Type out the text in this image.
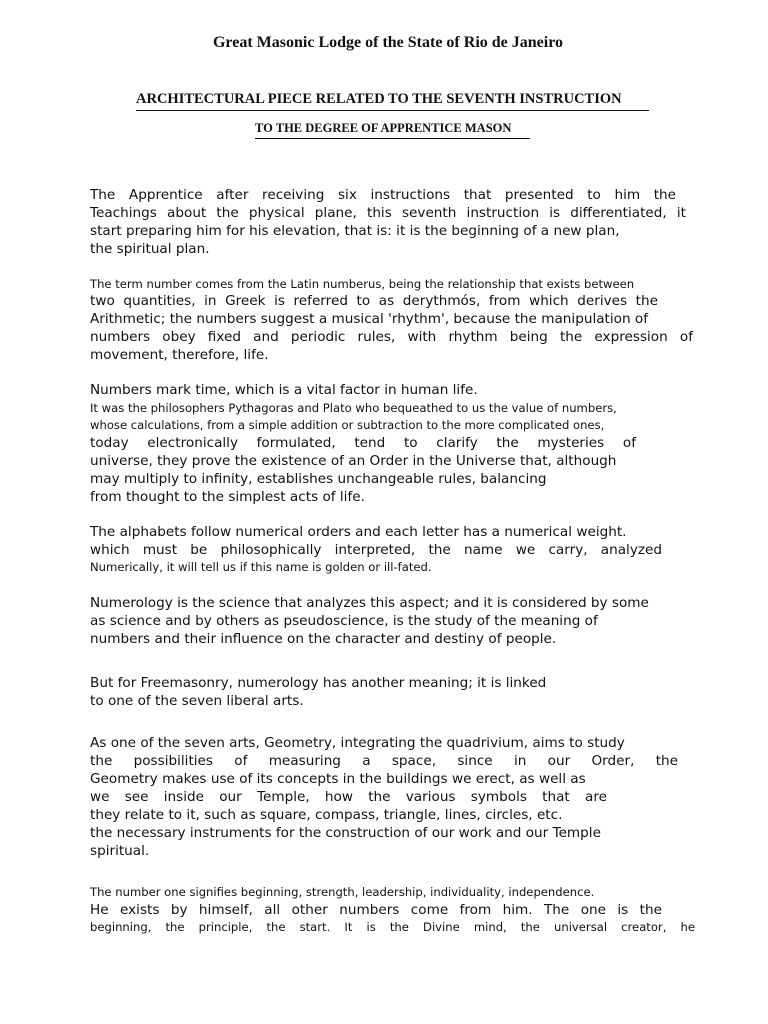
Great Masonic Lodge of the State of Rio de Janeiro
ARCHITECTURAL PIECE RELATED TO THE SEVENTH INSTRUCTION
TO THE DEGREE OF APPRENTICE MASON
The Apprentice after receiving six instructions that presented to him the
Teachings about the physical plane, this seventh instruction is differentiated, it
start preparing him for his elevation, that is: it is the beginning of a new plan,
the spiritual plan.
The term number comes from the Latin numberus, being the relationship that exists between
two quantities, in Greek is referred to as derythmós, from which derives the
Arithmetic; the numbers suggest a musical 'rhythm', because the manipulation of
numbers obey fixed and periodic rules, with rhythm being the expression of
movement, therefore, life.
Numbers mark time, which is a vital factor in human life.
It was the philosophers Pythagoras and Plato who bequeathed to us the value of numbers,
whose calculations, from a simple addition or subtraction to the more complicated ones,
today electronically formulated, tend to clarify the mysteries of
universe, they prove the existence of an Order in the Universe that, although
may multiply to infinity, establishes unchangeable rules, balancing
from thought to the simplest acts of life.
The alphabets follow numerical orders and each letter has a numerical weight.
which must be philosophically interpreted, the name we carry, analyzed
Numerically, it will tell us if this name is golden or ill-fated.
Numerology is the science that analyzes this aspect; and it is considered by some
as science and by others as pseudoscience, is the study of the meaning of
numbers and their influence on the character and destiny of people.
But for Freemasonry, numerology has another meaning; it is linked
to one of the seven liberal arts.
As one of the seven arts, Geometry, integrating the quadrivium, aims to study
the possibilities of measuring a space, since in our Order, the
Geometry makes use of its concepts in the buildings we erect, as well as
we see inside our Temple, how the various symbols that are
they relate to it, such as square, compass, triangle, lines, circles, etc.
the necessary instruments for the construction of our work and our Temple
spiritual.
The number one signifies beginning, strength, leadership, individuality, independence.
He exists by himself, all other numbers come from him. The one is the
beginning, the principle, the start. It is the Divine mind, the universal creator, he
